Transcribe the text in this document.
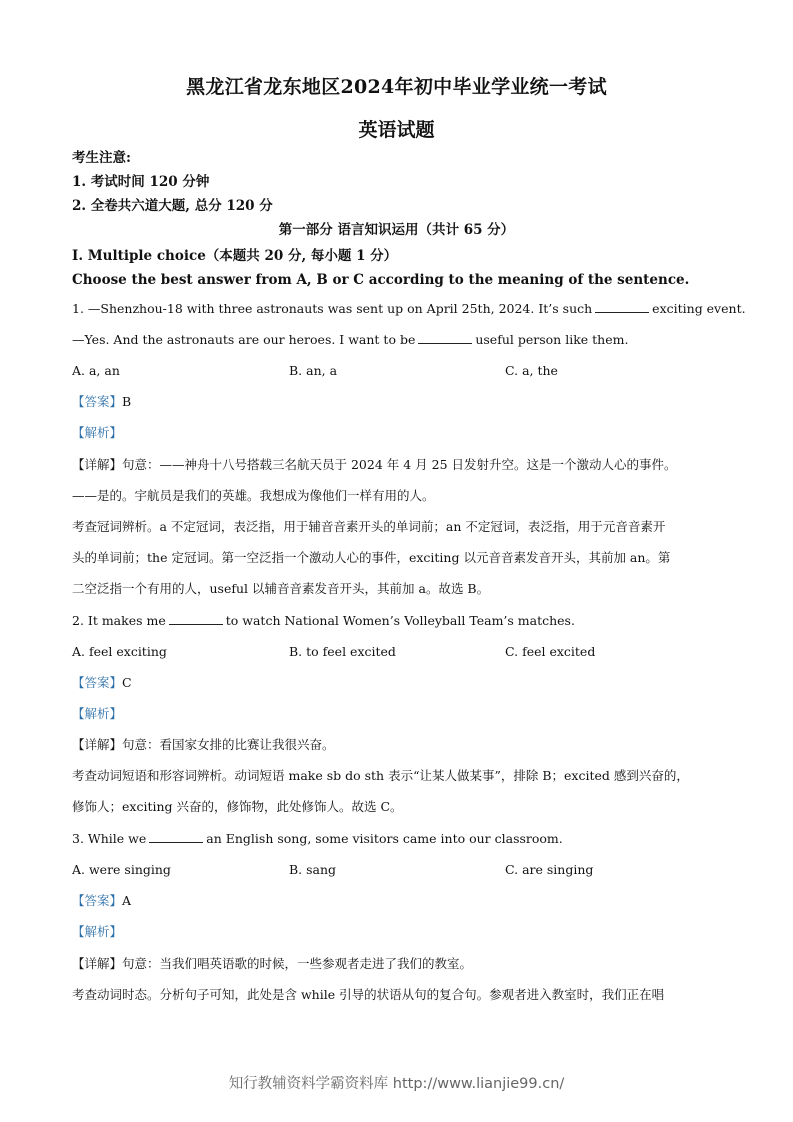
黑龙江省龙东地区2024年初中毕业学业统一考试
英语试题
考生注意:
1. 考试时间 120 分钟
2. 全卷共六道大题, 总分 120 分
第一部分 语言知识运用（共计 65 分）
I. Multiple choice（本题共 20 分, 每小题 1 分）
Choose the best answer from A, B or C according to the meaning of the sentence.
1. —Shenzhou-18 with three astronauts was sent up on April 25th, 2024. It’s such	exciting event.
—Yes. And the astronauts are our heroes. I want to be	useful person like them.
A. a, an	B. an, a	C. a, the
【答案】B
【解析】
【详解】句意：——神舟十八号搭载三名航天员于 2024 年 4 月 25 日发射升空。这是一个激动人心的事件。
——是的。宇航员是我们的英雄。我想成为像他们一样有用的人。
考查冠词辨析。a 不定冠词，表泛指，用于辅音音素开头的单词前；an 不定冠词，表泛指，用于元音音素开
头的单词前；the 定冠词。第一空泛指一个激动人心的事件，exciting 以元音音素发音开头，其前加 an。第
二空泛指一个有用的人，useful 以辅音音素发音开头，其前加 a。故选 B。
2. It makes me	to watch National Women’s Volleyball Team’s matches.
A. feel exciting	B. to feel excited	C. feel excited
【答案】C
【解析】
【详解】句意：看国家女排的比赛让我很兴奋。
考查动词短语和形容词辨析。动词短语 make sb do sth 表示“让某人做某事”，排除 B；excited 感到兴奋的，
修饰人；exciting 兴奋的，修饰物，此处修饰人。故选 C。
3. While we	an English song, some visitors came into our classroom.
A. were singing	B. sang	C. are singing
【答案】A
【解析】
【详解】句意：当我们唱英语歌的时候，一些参观者走进了我们的教室。
考查动词时态。分析句子可知，此处是含 while 引导的状语从句的复合句。参观者进入教室时，我们正在唱
知行教辅资料学霸资料库 http://www.lianjie99.cn/
